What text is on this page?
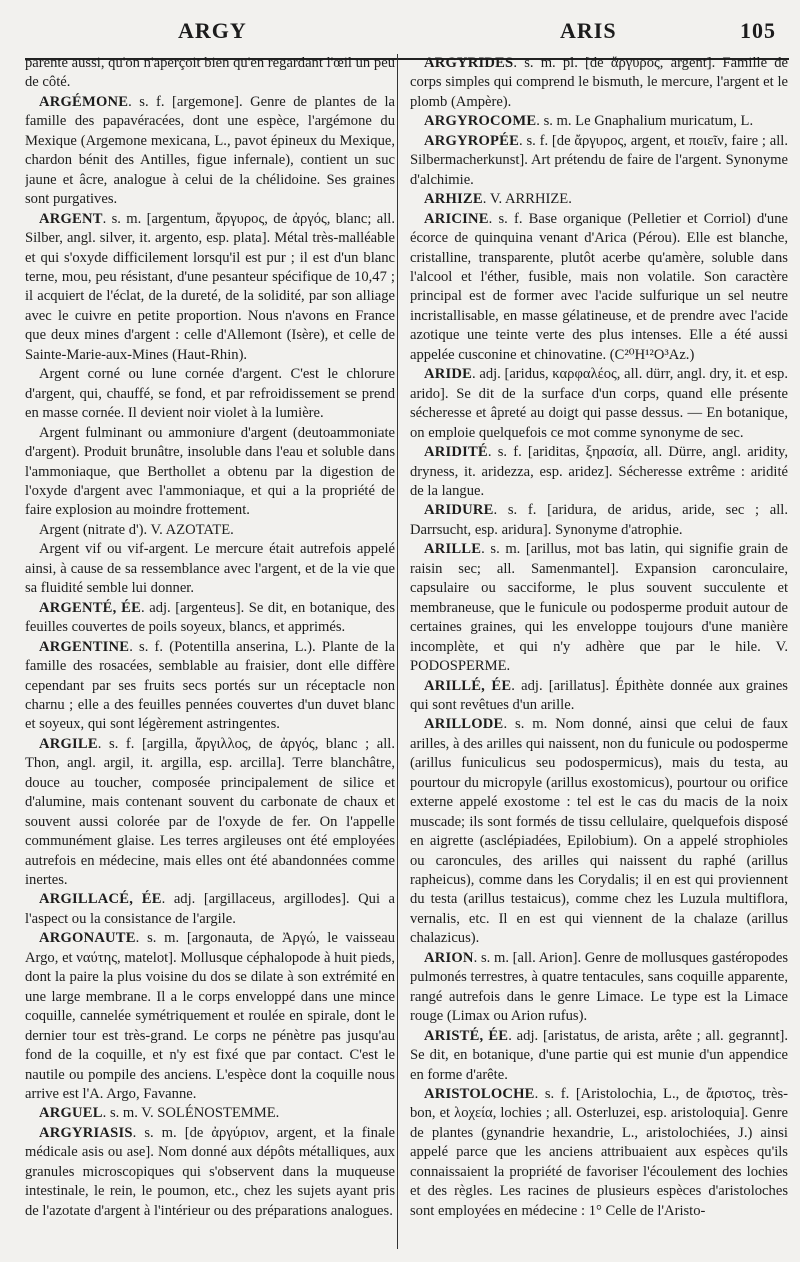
ARGY	ARIS	105

parente aussi, qu'on n'aperçoit bien qu'en regardant l'œil un peu de côté.

ARGÉMONE. s. f. [argemone]. Genre de plantes de la famille des papavéracées, dont une espèce, l'argémone du Mexique (Argemone mexicana, L., pavot épineux du Mexique, chardon bénit des Antilles, figue infernale), contient un suc jaune et âcre, analogue à celui de la chélidoine. Ses graines sont purgatives.

ARGENT. s. m. [argentum, ἄργυρος, de ἀργός, blanc; all. Silber, angl. silver, it. argento, esp. plata]. Métal très-malléable et qui s'oxyde difficilement lorsqu'il est pur ; il est d'un blanc terne, mou, peu résistant, d'une pesanteur spécifique de 10,47 ; il acquiert de l'éclat, de la dureté, de la solidité, par son alliage avec le cuivre en petite proportion. Nous n'avons en France que deux mines d'argent : celle d'Allemont (Isère), et celle de Sainte-Marie-aux-Mines (Haut-Rhin).

Argent corné ou lune cornée d'argent. C'est le chlorure d'argent, qui, chauffé, se fond, et par refroidissement se prend en masse cornée. Il devient noir violet à la lumière.

Argent fulminant ou ammoniure d'argent (deutoammoniate d'argent). Produit brunâtre, insoluble dans l'eau et soluble dans l'ammoniaque, que Berthollet a obtenu par la digestion de l'oxyde d'argent avec l'ammoniaque, et qui a la propriété de faire explosion au moindre frottement.

Argent (nitrate d'). V. AZOTATE.

Argent vif ou vif-argent. Le mercure était autrefois appelé ainsi, à cause de sa ressemblance avec l'argent, et de la vie que sa fluidité semble lui donner.

ARGENTÉ, ÉE. adj. [argenteus]. Se dit, en botanique, des feuilles couvertes de poils soyeux, blancs, et apprimés.

ARGENTINE. s. f. (Potentilla anserina, L.). Plante de la famille des rosacées, semblable au fraisier, dont elle diffère cependant par ses fruits secs portés sur un réceptacle non charnu ; elle a des feuilles pennées couvertes d'un duvet blanc et soyeux, qui sont légèrement astringentes.

ARGILE. s. f. [argilla, ἄργιλλος, de ἀργός, blanc ; all. Thon, angl. argil, it. argilla, esp. arcilla]. Terre blanchâtre, douce au toucher, composée principalement de silice et d'alumine, mais contenant souvent du carbonate de chaux et souvent aussi colorée par de l'oxyde de fer. On l'appelle communément glaise. Les terres argileuses ont été employées autrefois en médecine, mais elles ont été abandonnées comme inertes.

ARGILLACÉ, ÉE. adj. [argillaceus, argillodes]. Qui a l'aspect ou la consistance de l'argile.

ARGONAUTE. s. m. [argonauta, de Ἀργώ, le vaisseau Argo, et ναύτης, matelot]. Mollusque céphalopode à huit pieds, dont la paire la plus voisine du dos se dilate à son extrémité en une large membrane. Il a le corps enveloppé dans une mince coquille, cannelée symétriquement et roulée en spirale, dont le dernier tour est très-grand. Le corps ne pénètre pas jusqu'au fond de la coquille, et n'y est fixé que par contact. C'est le nautile ou pompile des anciens. L'espèce dont la coquille nous arrive est l'A. Argo, Favanne.

ARGUEL. s. m. V. SOLÉNOSTEMME.

ARGYRIASIS. s. m. [de ἀργύριον, argent, et la finale médicale asis ou ase]. Nom donné aux dépôts métalliques, aux granules microscopiques qui s'observent dans la muqueuse intestinale, le rein, le poumon, etc., chez les sujets ayant pris de l'azotate d'argent à l'intérieur ou des préparations analogues.

ARGYRIDES. s. m. pl. [de ἄργυρος, argent]. Famille de corps simples qui comprend le bismuth, le mercure, l'argent et le plomb (Ampère).

ARGYROCOME. s. m. Le Gnaphalium muricatum, L.

ARGYROPÉE. s. f. [de ἄργυρος, argent, et ποιεῖν, faire ; all. Silbermacherkunst]. Art prétendu de faire de l'argent. Synonyme d'alchimie.

ARHIZE. V. ARRHIZE.

ARICINE. s. f. Base organique (Pelletier et Corriol) d'une écorce de quinquina venant d'Arica (Pérou). Elle est blanche, cristalline, transparente, plutôt acerbe qu'amère, soluble dans l'alcool et l'éther, fusible, mais non volatile. Son caractère principal est de former avec l'acide sulfurique un sel neutre incristallisable, en masse gélatineuse, et de prendre avec l'acide azotique une teinte verte des plus intenses. Elle a été aussi appelée cusconine et chinovatine. (C²⁰H¹²O³Az.)

ARIDE. adj. [aridus, καρφαλέος, all. dürr, angl. dry, it. et esp. arido]. Se dit de la surface d'un corps, quand elle présente sécheresse et âpreté au doigt qui passe dessus. — En botanique, on emploie quelquefois ce mot comme synonyme de sec.

ARIDITÉ. s. f. [ariditas, ξηρασία, all. Dürre, angl. aridity, dryness, it. aridezza, esp. aridez]. Sécheresse extrême : aridité de la langue.

ARIDURE. s. f. [aridura, de aridus, aride, sec ; all. Darrsucht, esp. aridura]. Synonyme d'atrophie.

ARILLE. s. m. [arillus, mot bas latin, qui signifie grain de raisin sec; all. Samenmantel]. Expansion caronculaire, capsulaire ou sacciforme, le plus souvent succulente et membraneuse, que le funicule ou podosperme produit autour de certaines graines, qui les enveloppe toujours d'une manière incomplète, et qui n'y adhère que par le hile. V. PODOSPERME.

ARILLÉ, ÉE. adj. [arillatus]. Épithète donnée aux graines qui sont revêtues d'un arille.

ARILLODE. s. m. Nom donné, ainsi que celui de faux arilles, à des arilles qui naissent, non du funicule ou podosperme (arillus funiculicus seu podospermicus), mais du testa, au pourtour du micropyle (arillus exostomicus), pourtour ou orifice externe appelé exostome : tel est le cas du macis de la noix muscade; ils sont formés de tissu cellulaire, quelquefois disposé en aigrette (asclépiadées, Epilobium). On a appelé strophioles ou caroncules, des arilles qui naissent du raphé (arillus rapheicus), comme dans les Corydalis; il en est qui proviennent du testa (arillus testaicus), comme chez les Luzula multiflora, vernalis, etc. Il en est qui viennent de la chalaze (arillus chalazicus).

ARION. s. m. [all. Arion]. Genre de mollusques gastéropodes pulmonés terrestres, à quatre tentacules, sans coquille apparente, rangé autrefois dans le genre Limace. Le type est la Limace rouge (Limax ou Arion rufus).

ARISTÉ, ÉE. adj. [aristatus, de arista, arête ; all. gegrannt]. Se dit, en botanique, d'une partie qui est munie d'un appendice en forme d'arête.

ARISTOLOCHE. s. f. [Aristolochia, L., de ἄριστος, très-bon, et λοχεία, lochies ; all. Osterluzei, esp. aristoloquia]. Genre de plantes (gynandrie hexandrie, L., aristolochiées, J.) ainsi appelé parce que les anciens attribuaient aux espèces qu'ils connaissaient la propriété de favoriser l'écoulement des lochies et des règles. Les racines de plusieurs espèces d'aristoloches sont employées en médecine : 1° Celle de l'Aristo-
